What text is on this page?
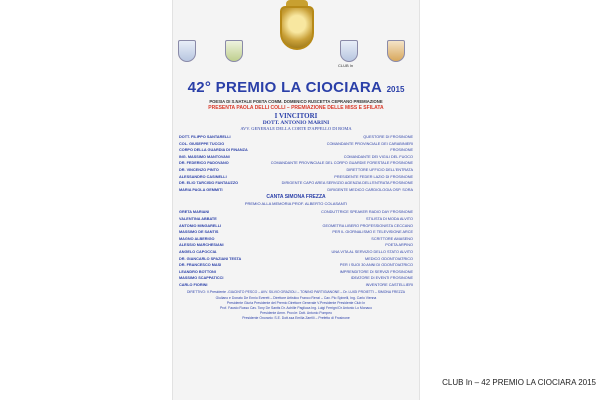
CLUB In
42° PREMIO LA CIOCIARA 2015
POESIA DI S.NATALE POETA COMM. DOMENICO RUSCETTA CEPRANO PREMIAZIONE
PRESENTA PAOLA DELLI COLLI – PREMIAZIONE DELLE MISS E SFILATA
I VINCITORI
DOTT. ANTONIO MARINI
AVV. GENERALE DELLA CORTE D'APPELLO DI ROMA
DOTT. FILIPPO SANTARELLI	QUESTORE DI FROSINONE
COL. GIUSEPPE TUCCIO	COMANDANTE PROVINCIALE DEI CARABINIERI
CORPO DELLA GUARDIA DI FINANZA	FROSINONE
ING. MASSIMO MANTOVANI	COMANDANTE DEI VIGILI DEL FUOCO
DR. FEDERICO PADOVANO	COMANDANTE PROVINCIALE DEL CORPO GUARDIE FORESTALE FROSINONE
DR. VINCENZO PINTO	DIRETTORE UFFICIO DELL'ENTRATA
ALESSANDRO CASINELLI	PRESIDENTE FEDER LAZIO DI FROSINONE
DR. ELIO TARCISIO FANTAUZZO	DIRIGENTE CAPO AREA SERVIZIO AGENZIA DELL'ENTRATA FROSINONE
MARIA PAOLA GEMMITI	DIRIGENTE MEDICO CARDIOLOGIA OSP. SORA
CANTA SIMONA FREZZA
PREMIO ALLA MEMORIA PROF. ALBERTO COLASANTI
GRETA MARIANI	CONDUTTRICE SPEAKER RADIO DAY FROSINONE
VALENTINA ABBATE	STILISTA DI MODA ALVITO
ANTONIO MINGARELLI	GEOMETRA LIBERO PROFESSIONISTA CECCANO
MASSIMO DE SANTIS	PER IL GIORNALISMO E TELEVISIONE ARCE
MAGNO ALBERIGO	SCRITTORE AMASENO
ALESSIO MARCHESIANI	POETA ARPINO
ANGELO CAPOCCIA	UNA VITA AL SERVIZIO DELLO STATO ALVITO
DR. GIANCARLO SPAZIANI TESTA	MEDICO ODONTOIATRICO
DR. FRANCESCO MASI	PER I SUOI 30 ANNI DI ODONTOIATRICO
LEANDRO BOTTONI	IMPRENDITORE DI SERVIZI FROSINONE
MASSIMO SCAPPATICCI	IDEATORE DI EVENTI FROSINONE
CARLO FIORINI	INVENTORE CASTELLIERI
DIRETTIVO: V.Presidente -GIACINTO PESCO – AVV. SILVIO GRAZIOLI – TONINO PARTIGIANONE – Dr. LUIGI PROIETTI – SIMONA FREZZA
Giuliano e Donato De Ennio Everett – Direttore Artistico Franco Renzi – Cav. Pio Spinelli, Ing. Carlo Vienna
Presidente Giuria Presidente del Premio Direttore Generale V.Presidente Presidente Club In
Prof. Fausto Russo Cav. Tony De Santis Dr. Achille Pagliuca Ing. Luigi Ferrigni Dr Antonio Lo Monaco
Presidente Amm. Prov.le: Dott. Antonio Pompeo
Presidente Onorario: S.E. Dott.ssa Emilia Zarrilli – Prefetto di Frosinone
CLUB In – 42 PREMIO LA CIOCIARA 2015
